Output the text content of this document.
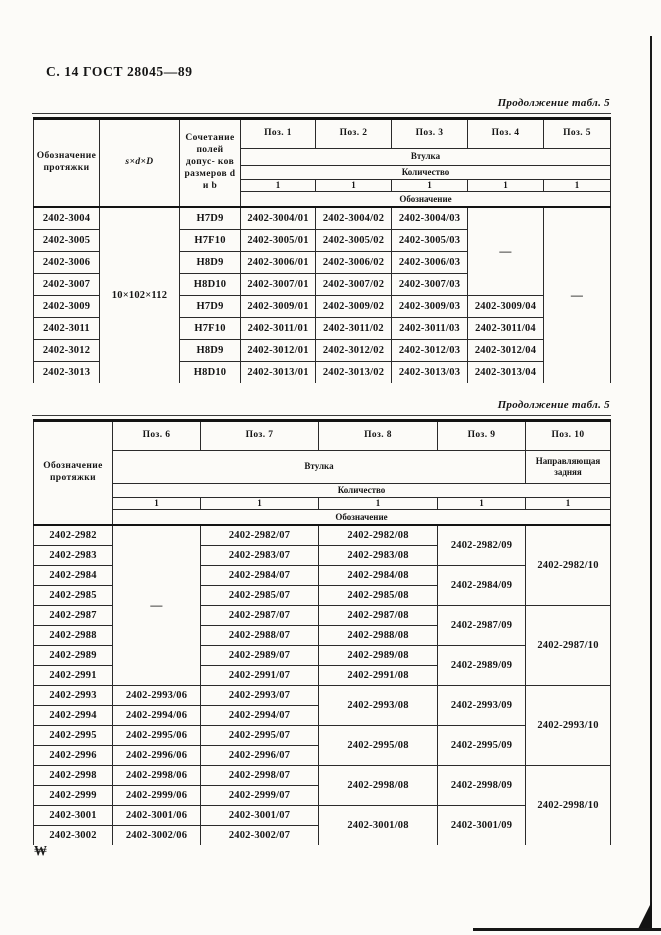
С. 14 ГОСТ 28045—89
Продолжение табл. 5
Обозначение протяжки	s×d×D	Сочетание полей допус- ков размеров d и b	Поз. 1	Поз. 2	Поз. 3	Поз. 4	Поз. 5
			Втулка				
			Количество				
			1	1	1	1	1
			Обозначение				
2402-3004	10×102×112	H7D9	2402-3004/01	2402-3004/02	2402-3004/03	—	—
2402-3005		H7F10	2402-3005/01	2402-3005/02	2402-3005/03		
2402-3006		H8D9	2402-3006/01	2402-3006/02	2402-3006/03		
2402-3007		H8D10	2402-3007/01	2402-3007/02	2402-3007/03		
2402-3009		H7D9	2402-3009/01	2402-3009/02	2402-3009/03	2402-3009/04	
2402-3011		H7F10	2402-3011/01	2402-3011/02	2402-3011/03	2402-3011/04	
2402-3012		H8D9	2402-3012/01	2402-3012/02	2402-3012/03	2402-3012/04	
2402-3013		H8D10	2402-3013/01	2402-3013/02	2402-3013/03	2402-3013/04	
Продолжение табл. 5
Обозначение протяжки	Поз. 6	Поз. 7	Поз. 8	Поз. 9	Поз. 10
	Втулка				Направляющая задняя
	Количество				
	1	1	1	1	1
	Обозначение				
2402-2982	—	2402-2982/07	2402-2982/08	2402-2982/09	2402-2982/10
2402-2983		2402-2983/07	2402-2983/08		
2402-2984		2402-2984/07	2402-2984/08	2402-2984/09	
2402-2985		2402-2985/07	2402-2985/08		
2402-2987		2402-2987/07	2402-2987/08	2402-2987/09	2402-2987/10
2402-2988		2402-2988/07	2402-2988/08		
2402-2989		2402-2989/07	2402-2989/08	2402-2989/09	
2402-2991		2402-2991/07	2402-2991/08		
2402-2993	2402-2993/06	2402-2993/07	2402-2993/08	2402-2993/09	2402-2993/10
2402-2994	2402-2994/06	2402-2994/07			
2402-2995	2402-2995/06	2402-2995/07	2402-2995/08	2402-2995/09	
2402-2996	2402-2996/06	2402-2996/07			
2402-2998	2402-2998/06	2402-2998/07	2402-2998/08	2402-2998/09	2402-2998/10
2402-2999	2402-2999/06	2402-2999/07			
2402-3001	2402-3001/06	2402-3001/07	2402-3001/08	2402-3001/09	
2402-3002	2402-3002/06	2402-3002/07			
₩
